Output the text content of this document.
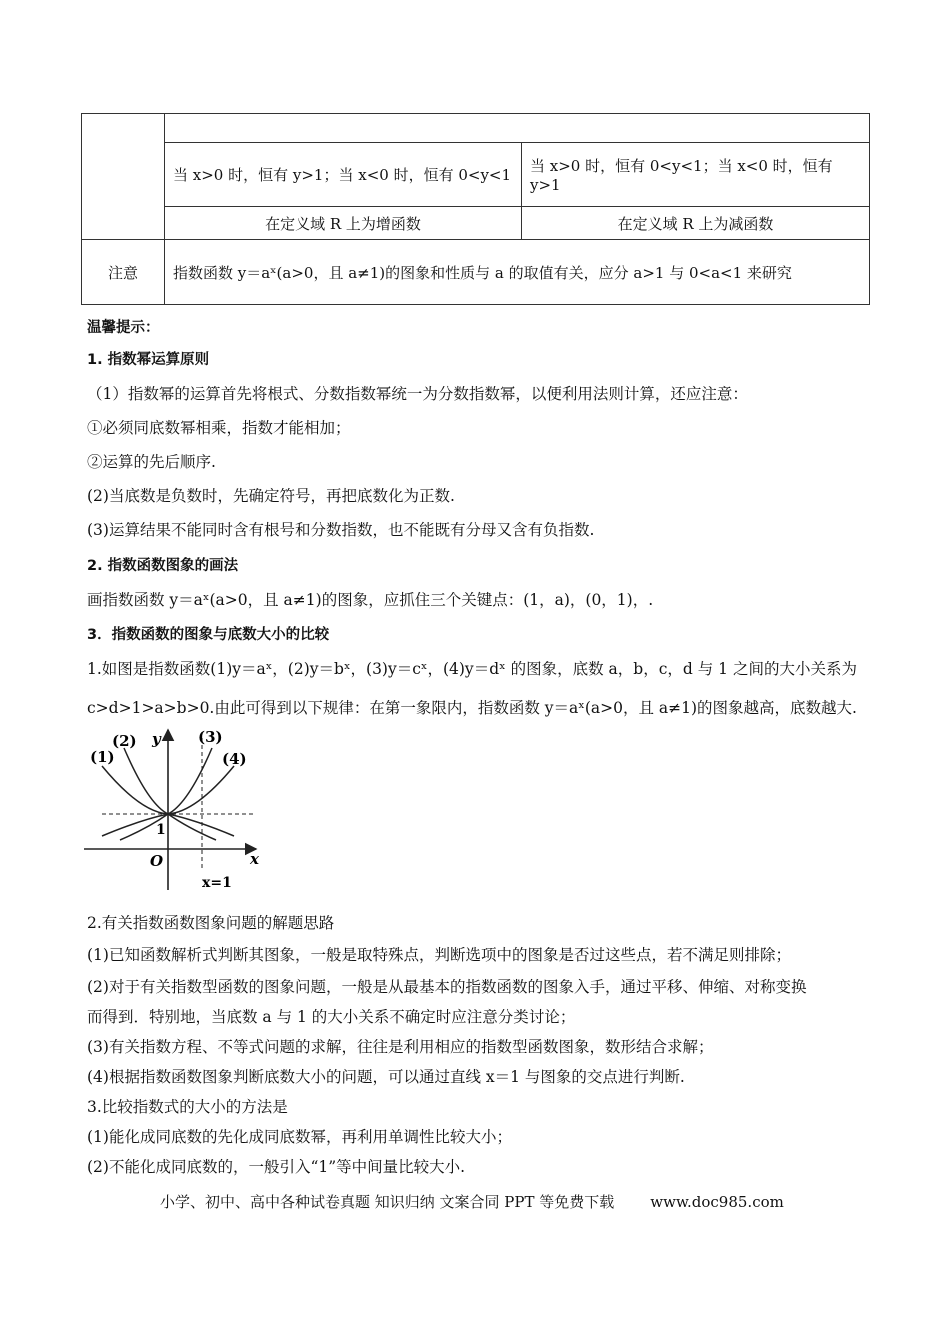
	当 x>0 时，恒有 y>1；当 x<0 时，恒有 0<y<1	当 x>0 时，恒有 0<y<1；当 x<0 时，恒有 y>1
	在定义域 R 上为增函数	在定义域 R 上为减函数
注意	指数函数 y＝aˣ(a>0，且 a≠1)的图象和性质与 a 的取值有关，应分 a>1 与 0<a<1 来研究	
温馨提示：
1. 指数幂运算原则
（1）指数幂的运算首先将根式、分数指数幂统一为分数指数幂，以便利用法则计算，还应注意：
①必须同底数幂相乘，指数才能相加；
②运算的先后顺序.
(2)当底数是负数时，先确定符号，再把底数化为正数.
(3)运算结果不能同时含有根号和分数指数，也不能既有分母又含有负指数.
2. 指数函数图象的画法
画指数函数 y＝aˣ(a>0，且 a≠1)的图象，应抓住三个关键点：(1，a)，(0，1)，.
3．指数函数的图象与底数大小的比较
1.如图是指数函数(1)y＝aˣ，(2)y＝bˣ，(3)y＝cˣ，(4)y＝dˣ 的图象，底数 a，b，c，d 与 1 之间的大小关系为
c>d>1>a>b>0.由此可得到以下规律：在第一象限内，指数函数 y＝aˣ(a>0，且 a≠1)的图象越高，底数越大.
(1)
(2)	(3)
(4)
y
x
O
1
x=1
2.有关指数函数图象问题的解题思路
(1)已知函数解析式判断其图象，一般是取特殊点，判断选项中的图象是否过这些点，若不满足则排除；
(2)对于有关指数型函数的图象问题，一般是从最基本的指数函数的图象入手，通过平移、伸缩、对称变换
而得到．特别地，当底数 a 与 1 的大小关系不确定时应注意分类讨论；
(3)有关指数方程、不等式问题的求解，往往是利用相应的指数型函数图象，数形结合求解；
(4)根据指数函数图象判断底数大小的问题，可以通过直线 x＝1 与图象的交点进行判断.
3.比较指数式的大小的方法是
(1)能化成同底数的先化成同底数幂，再利用单调性比较大小；
(2)不能化成同底数的，一般引入“1”等中间量比较大小.
小学、初中、高中各种试卷真题 知识归纳 文案合同 PPT 等免费下载 www.doc985.com
